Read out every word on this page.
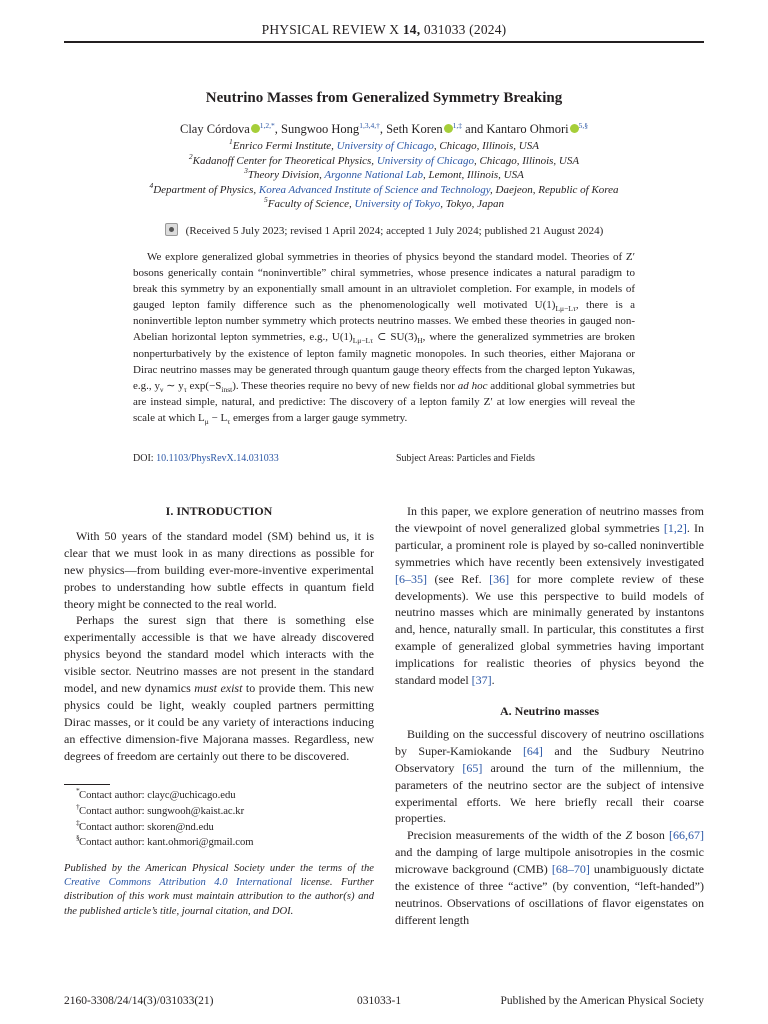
PHYSICAL REVIEW X 14, 031033 (2024)
Neutrino Masses from Generalized Symmetry Breaking
Clay Córdova $^{1,2,*}$, Sungwoo Hong$^{1,3,4,\dagger}$, Seth Koren $^{1,\ddagger}$ and Kantaro Ohmori $^{5,\S}$
$^1$Enrico Fermi Institute, University of Chicago, Chicago, Illinois, USA
$^2$Kadanoff Center for Theoretical Physics, University of Chicago, Chicago, Illinois, USA
$^3$Theory Division, Argonne National Lab, Lemont, Illinois, USA
$^4$Department of Physics, Korea Advanced Institute of Science and Technology, Daejeon, Republic of Korea
$^5$Faculty of Science, University of Tokyo, Tokyo, Japan
(Received 5 July 2023; revised 1 April 2024; accepted 1 July 2024; published 21 August 2024)

We explore generalized global symmetries in theories of physics beyond the standard model. Theories of Z′ bosons generically contain “noninvertible” chiral symmetries, whose presence indicates a natural paradigm to break this symmetry by an exponentially small amount in an ultraviolet completion. For example, in models of gauged lepton family difference such as the phenomenologically well motivated $U(1)_{L\mu-L\tau}$, there is a noninvertible lepton number symmetry which protects neutrino masses. We embed these theories in gauged non-Abelian horizontal lepton symmetries, e.g., $U(1)_{L\mu-L\tau}$ ⊂ $SU(3)_H$, where the generalized symmetries are broken nonperturbatively by the existence of lepton family magnetic monopoles. In such theories, either Majorana or Dirac neutrino masses may be generated through quantum gauge theory effects from the charged lepton Yukawas, e.g., $y_\nu$ ∼ $y_\tau$ $\exp(-S_{inst})$. These theories require no bevy of new fields nor ad hoc additional global symmetries but are instead simple, natural, and predictive: The discovery of a lepton family Z′ at low energies will reveal the scale at which $L_\mu - L_\tau$ emerges from a larger gauge symmetry.

DOI: 10.1103/PhysRevX.14.031033	Subject Areas: Particles and Fields
I. INTRODUCTION

With 50 years of the standard model (SM) behind us, it is clear that we must look in as many directions as possible for new physics—from building ever-more-inventive experimental probes to understanding how subtle effects in quantum field theory might be connected to the real world.

Perhaps the surest sign that there is something else experimentally accessible is that we have already discovered physics beyond the standard model which interacts with the visible sector. Neutrino masses are not present in the standard model, and new dynamics must exist to provide them. This new physics could be light, weakly coupled partners permitting Dirac masses, or it could be any variety of interactions inducing an effective dimension-five Majorana masses. Regardless, new degrees of freedom are certainly out there to be discovered.

* Contact author: clayc@uchicago.edu
† Contact author: sungwooh@kaist.ac.kr
‡ Contact author: skoren@nd.edu
§ Contact author: kant.ohmori@gmail.com
Published by the American Physical Society under the terms of the Creative Commons Attribution 4.0 International license. Further distribution of this work must maintain attribution to the author(s) and the published article’s title, journal citation, and DOI.

In this paper, we explore generation of neutrino masses from the viewpoint of novel generalized global symmetries [1,2]. In particular, a prominent role is played by so-called noninvertible symmetries which have recently been extensively investigated [6–35] (see Ref. [36] for more complete review of these developments). We use this perspective to build models of neutrino masses which are minimally generated by instantons and, hence, naturally small. In particular, this constitutes a first example of generalized global symmetries having important implications for realistic theories of physics beyond the standard model [37].

A. Neutrino masses

Building on the successful discovery of neutrino oscillations by Super-Kamiokande [64] and the Sudbury Neutrino Observatory [65] around the turn of the millennium, the parameters of the neutrino sector are the subject of intensive experimental efforts. We here briefly recall their coarse properties.

Precision measurements of the width of the Z boson [66,67] and the damping of large multipole anisotropies in the cosmic microwave background (CMB) [68–70] unambiguously dictate the existence of three “active” (by convention, “left-handed”) neutrinos. Observations of oscillations of flavor eigenstates on different length

2160-3308/24/14(3)/031033(21)	031033-1	Published by the American Physical Society
